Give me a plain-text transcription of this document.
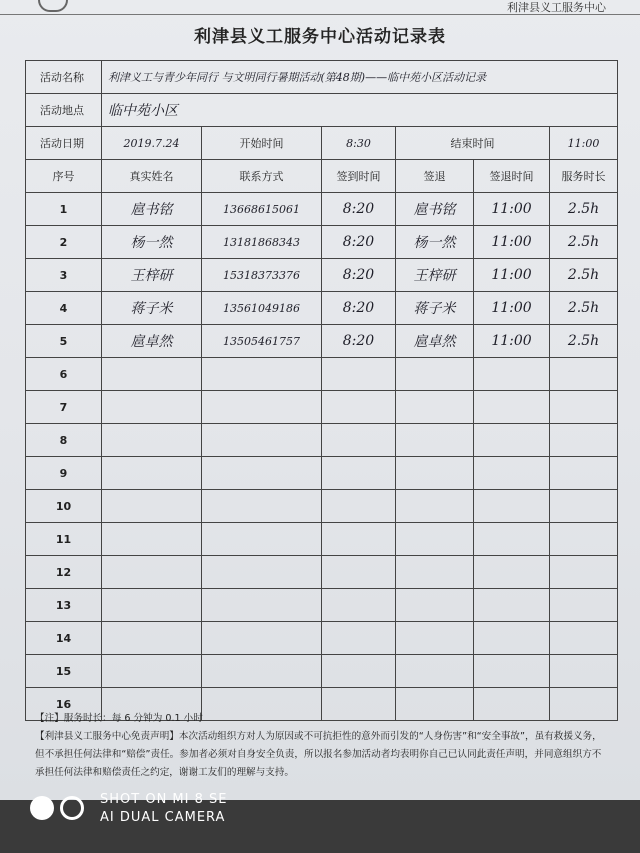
利津县义工服务中心
利津县义工服务中心活动记录表
活动名称	利津义工与青少年同行 与文明同行暑期活动(第48期)——临中苑小区活动记录					

活动地点	临中苑小区					

活动日期	2019.7.24	开始时间	8:30	结束时间		11:00

序号	真实姓名	联系方式	签到时间	签退	签退时间	服务时长
1	扈书铭	13668615061	8:20	扈书铭	11:00	2.5h

2	杨一然	13181868343	8:20	杨一然	11:00	2.5h

3	王梓研	15318373376	8:20	王梓研	11:00	2.5h

4	蒋子米	13561049186	8:20	蒋子米	11:00	2.5h

5	扈卓然	13505461757	8:20	扈卓然	11:00	2.5h

6	

7	

8	

9	

10	

11	

12	

13	

14	

15	

16	

【注】服务时长：每 6 分钟为 0.1 小时

【利津县义工服务中心免责声明】本次活动组织方对人为原因或不可抗拒性的意外而引发的“人身伤害”和“安全事故”，虽有救援义务，但不承担任何法律和“赔偿”责任。参加者必须对自身安全负责，所以报名参加活动者均表明你自己已认同此责任声明，并同意组织方不承担任何法律和赔偿责任之约定，谢谢工友们的理解与支持。

SHOT ON MI 8 SE
AI DUAL CAMERA
